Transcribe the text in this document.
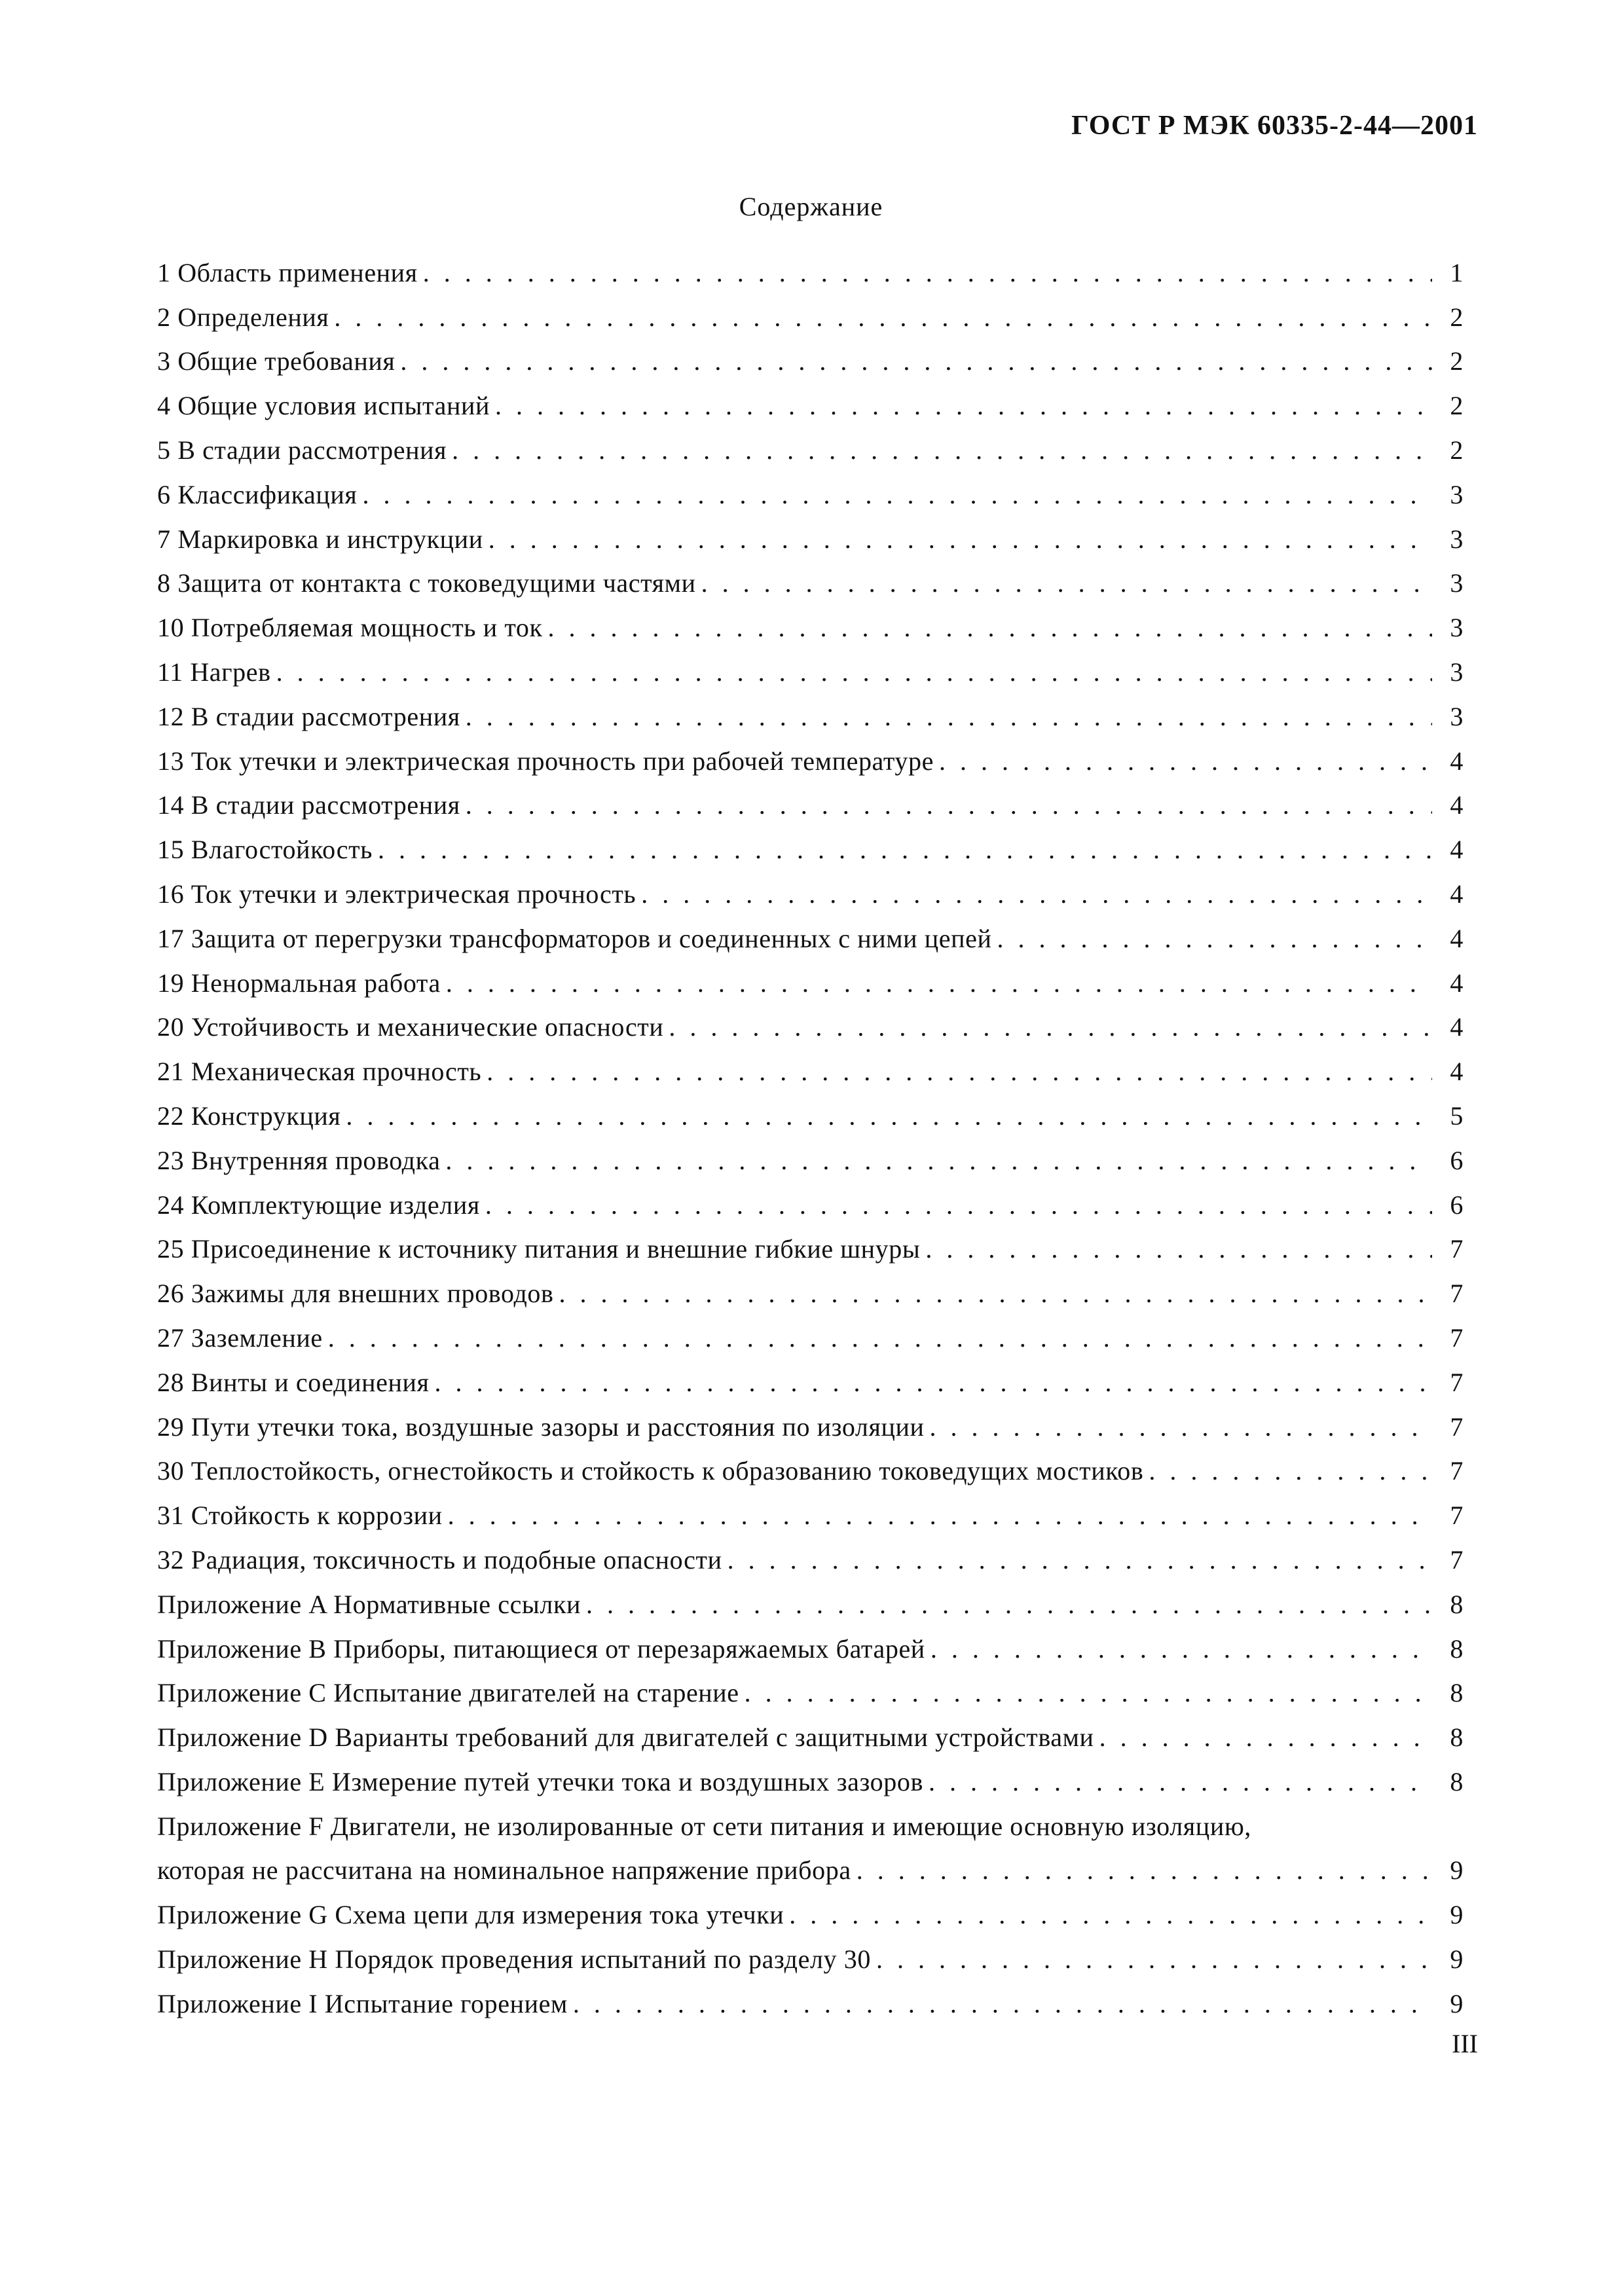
ГОСТ Р МЭК 60335-2-44—2001
Содержание
1 Область применения . . .	1
2 Определения . . .	2
3 Общие требования . . .	2
4 Общие условия испытаний . . .	2
5 В стадии рассмотрения . . .	2
6 Классификация . . .	3
7 Маркировка и инструкции . . .	3
8 Защита от контакта с токоведущими частями . . .	3
10 Потребляемая мощность и ток . . .	3
11 Нагрев . . .	3
12 В стадии рассмотрения . . .	3
13 Ток утечки и электрическая прочность при рабочей температуре . . .	4
14 В стадии рассмотрения . . .	4
15 Влагостойкость . . .	4
16 Ток утечки и электрическая прочность . . .	4
17 Защита от перегрузки трансформаторов и соединенных с ними цепей . . .	4
19 Ненормальная работа . . .	4
20 Устойчивость и механические опасности . . .	4
21 Механическая прочность . . .	4
22 Конструкция . . .	5
23 Внутренняя проводка . . .	6
24 Комплектующие изделия . . .	6
25 Присоединение к источнику питания и внешние гибкие шнуры . . .	7
26 Зажимы для внешних проводов . . .	7
27 Заземление . . .	7
28 Винты и соединения . . .	7
29 Пути утечки тока, воздушные зазоры и расстояния по изоляции . . .	7
30 Теплостойкость, огнестойкость и стойкость к образованию токоведущих мостиков . . .	7
31 Стойкость к коррозии . . .	7
32 Радиация, токсичность и подобные опасности . . .	7
Приложение A Нормативные ссылки . . .	8
Приложение B Приборы, питающиеся от перезаряжаемых батарей . . .	8
Приложение C Испытание двигателей на старение . . .	8
Приложение D Варианты требований для двигателей с защитными устройствами . . .	8
Приложение E Измерение путей утечки тока и воздушных зазоров . . .	8
Приложение F Двигатели, не изолированные от сети питания и имеющие основную изоляцию,
которая не рассчитана на номинальное напряжение прибора . . .	9
Приложение G Схема цепи для измерения тока утечки . . .	9
Приложение H Порядок проведения испытаний по разделу 30 . . .	9
Приложение I Испытание горением . . .	9
III
